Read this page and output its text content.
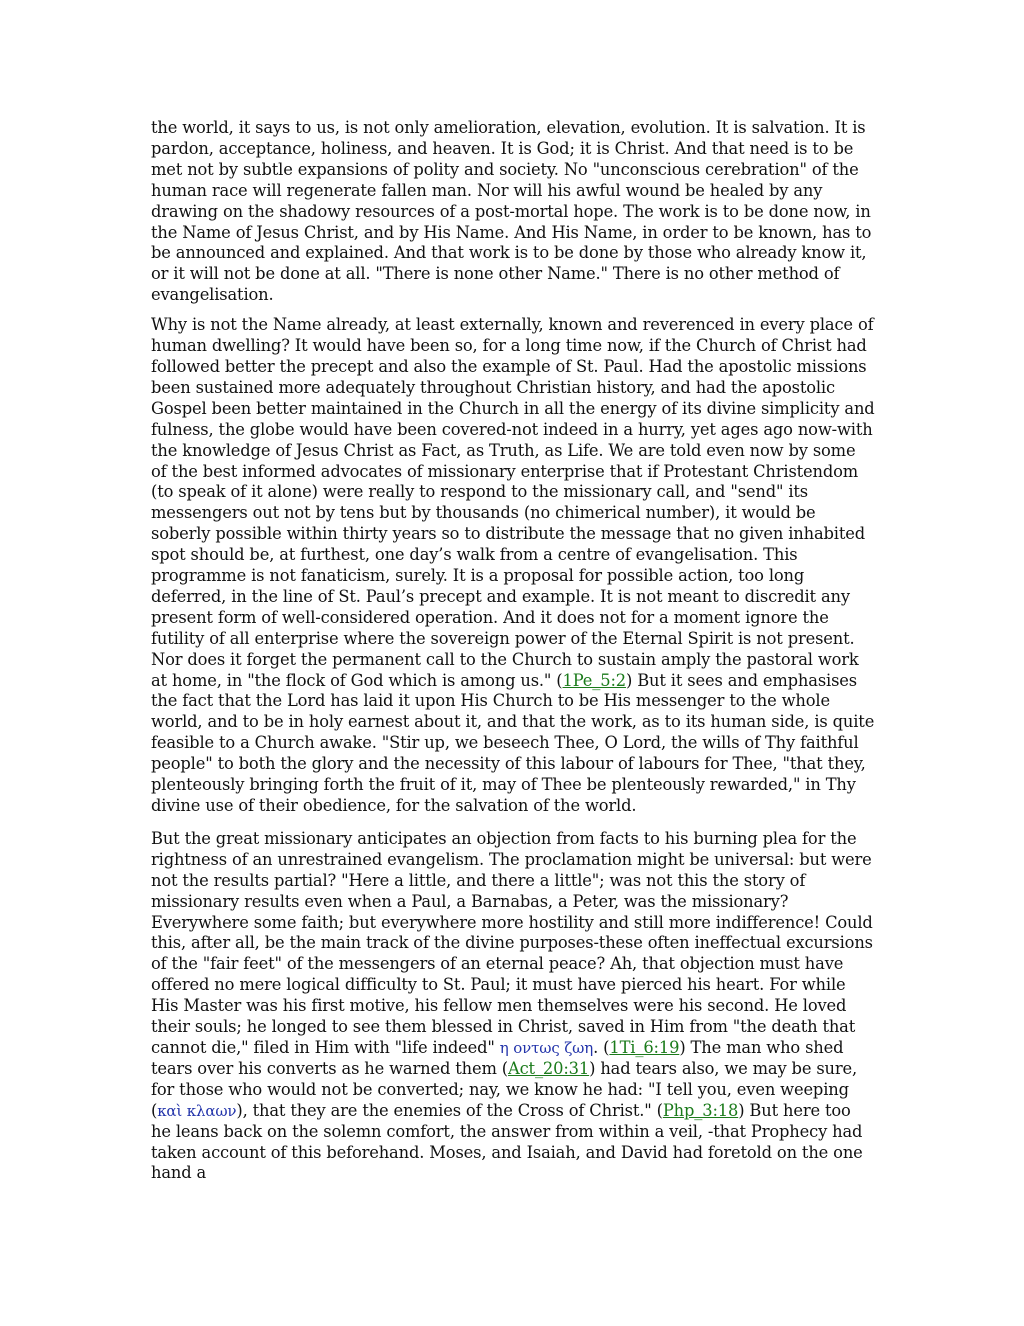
the world, it says to us, is not only amelioration, elevation, evolution. It is salvation. It is pardon, acceptance, holiness, and heaven. It is God; it is Christ. And that need is to be met not by subtle expansions of polity and society. No "unconscious cerebration" of the human race will regenerate fallen man. Nor will his awful wound be healed by any drawing on the shadowy resources of a post-mortal hope. The work is to be done now, in the Name of Jesus Christ, and by His Name. And His Name, in order to be known, has to be announced and explained. And that work is to be done by those who already know it, or it will not be done at all. "There is none other Name." There is no other method of evangelisation.

Why is not the Name already, at least externally, known and reverenced in every place of human dwelling? It would have been so, for a long time now, if the Church of Christ had followed better the precept and also the example of St. Paul. Had the apostolic missions been sustained more adequately throughout Christian history, and had the apostolic Gospel been better maintained in the Church in all the energy of its divine simplicity and fulness, the globe would have been covered-not indeed in a hurry, yet ages ago now-with the knowledge of Jesus Christ as Fact, as Truth, as Life. We are told even now by some of the best informed advocates of missionary enterprise that if Protestant Christendom (to speak of it alone) were really to respond to the missionary call, and "send" its messengers out not by tens but by thousands (no chimerical number), it would be soberly possible within thirty years so to distribute the message that no given inhabited spot should be, at furthest, one day’s walk from a centre of evangelisation. This programme is not fanaticism, surely. It is a proposal for possible action, too long deferred, in the line of St. Paul’s precept and example. It is not meant to discredit any present form of well-considered operation. And it does not for a moment ignore the futility of all enterprise where the sovereign power of the Eternal Spirit is not present. Nor does it forget the permanent call to the Church to sustain amply the pastoral work at home, in "the flock of God which is among us." (1Pe_5:2) But it sees and emphasises the fact that the Lord has laid it upon His Church to be His messenger to the whole world, and to be in holy earnest about it, and that the work, as to its human side, is quite feasible to a Church awake. "Stir up, we beseech Thee, O Lord, the wills of Thy faithful people" to both the glory and the necessity of this labour of labours for Thee, "that they, plenteously bringing forth the fruit of it, may of Thee be plenteously rewarded," in Thy divine use of their obedience, for the salvation of the world.

But the great missionary anticipates an objection from facts to his burning plea for the rightness of an unrestrained evangelism. The proclamation might be universal: but were not the results partial? "Here a little, and there a little"; was not this the story of missionary results even when a Paul, a Barnabas, a Peter, was the missionary? Everywhere some faith; but everywhere more hostility and still more indifference! Could this, after all, be the main track of the divine purposes-these often ineffectual excursions of the "fair feet" of the messengers of an eternal peace? Ah, that objection must have offered no mere logical difficulty to St. Paul; it must have pierced his heart. For while His Master was his first motive, his fellow men themselves were his second. He loved their souls; he longed to see them blessed in Christ, saved in Him from "the death that cannot die," filed in Him with "life indeed" η οντως ζωη. (1Ti_6:19) The man who shed tears over his converts as he warned them (Act_20:31) had tears also, we may be sure, for those who would not be converted; nay, we know he had: "I tell you, even weeping (καὶ κλαων), that they are the enemies of the Cross of Christ." (Php_3:18) But here too he leans back on the solemn comfort, the answer from within a veil, -that Prophecy had taken account of this beforehand. Moses, and Isaiah, and David had foretold on the one hand a
